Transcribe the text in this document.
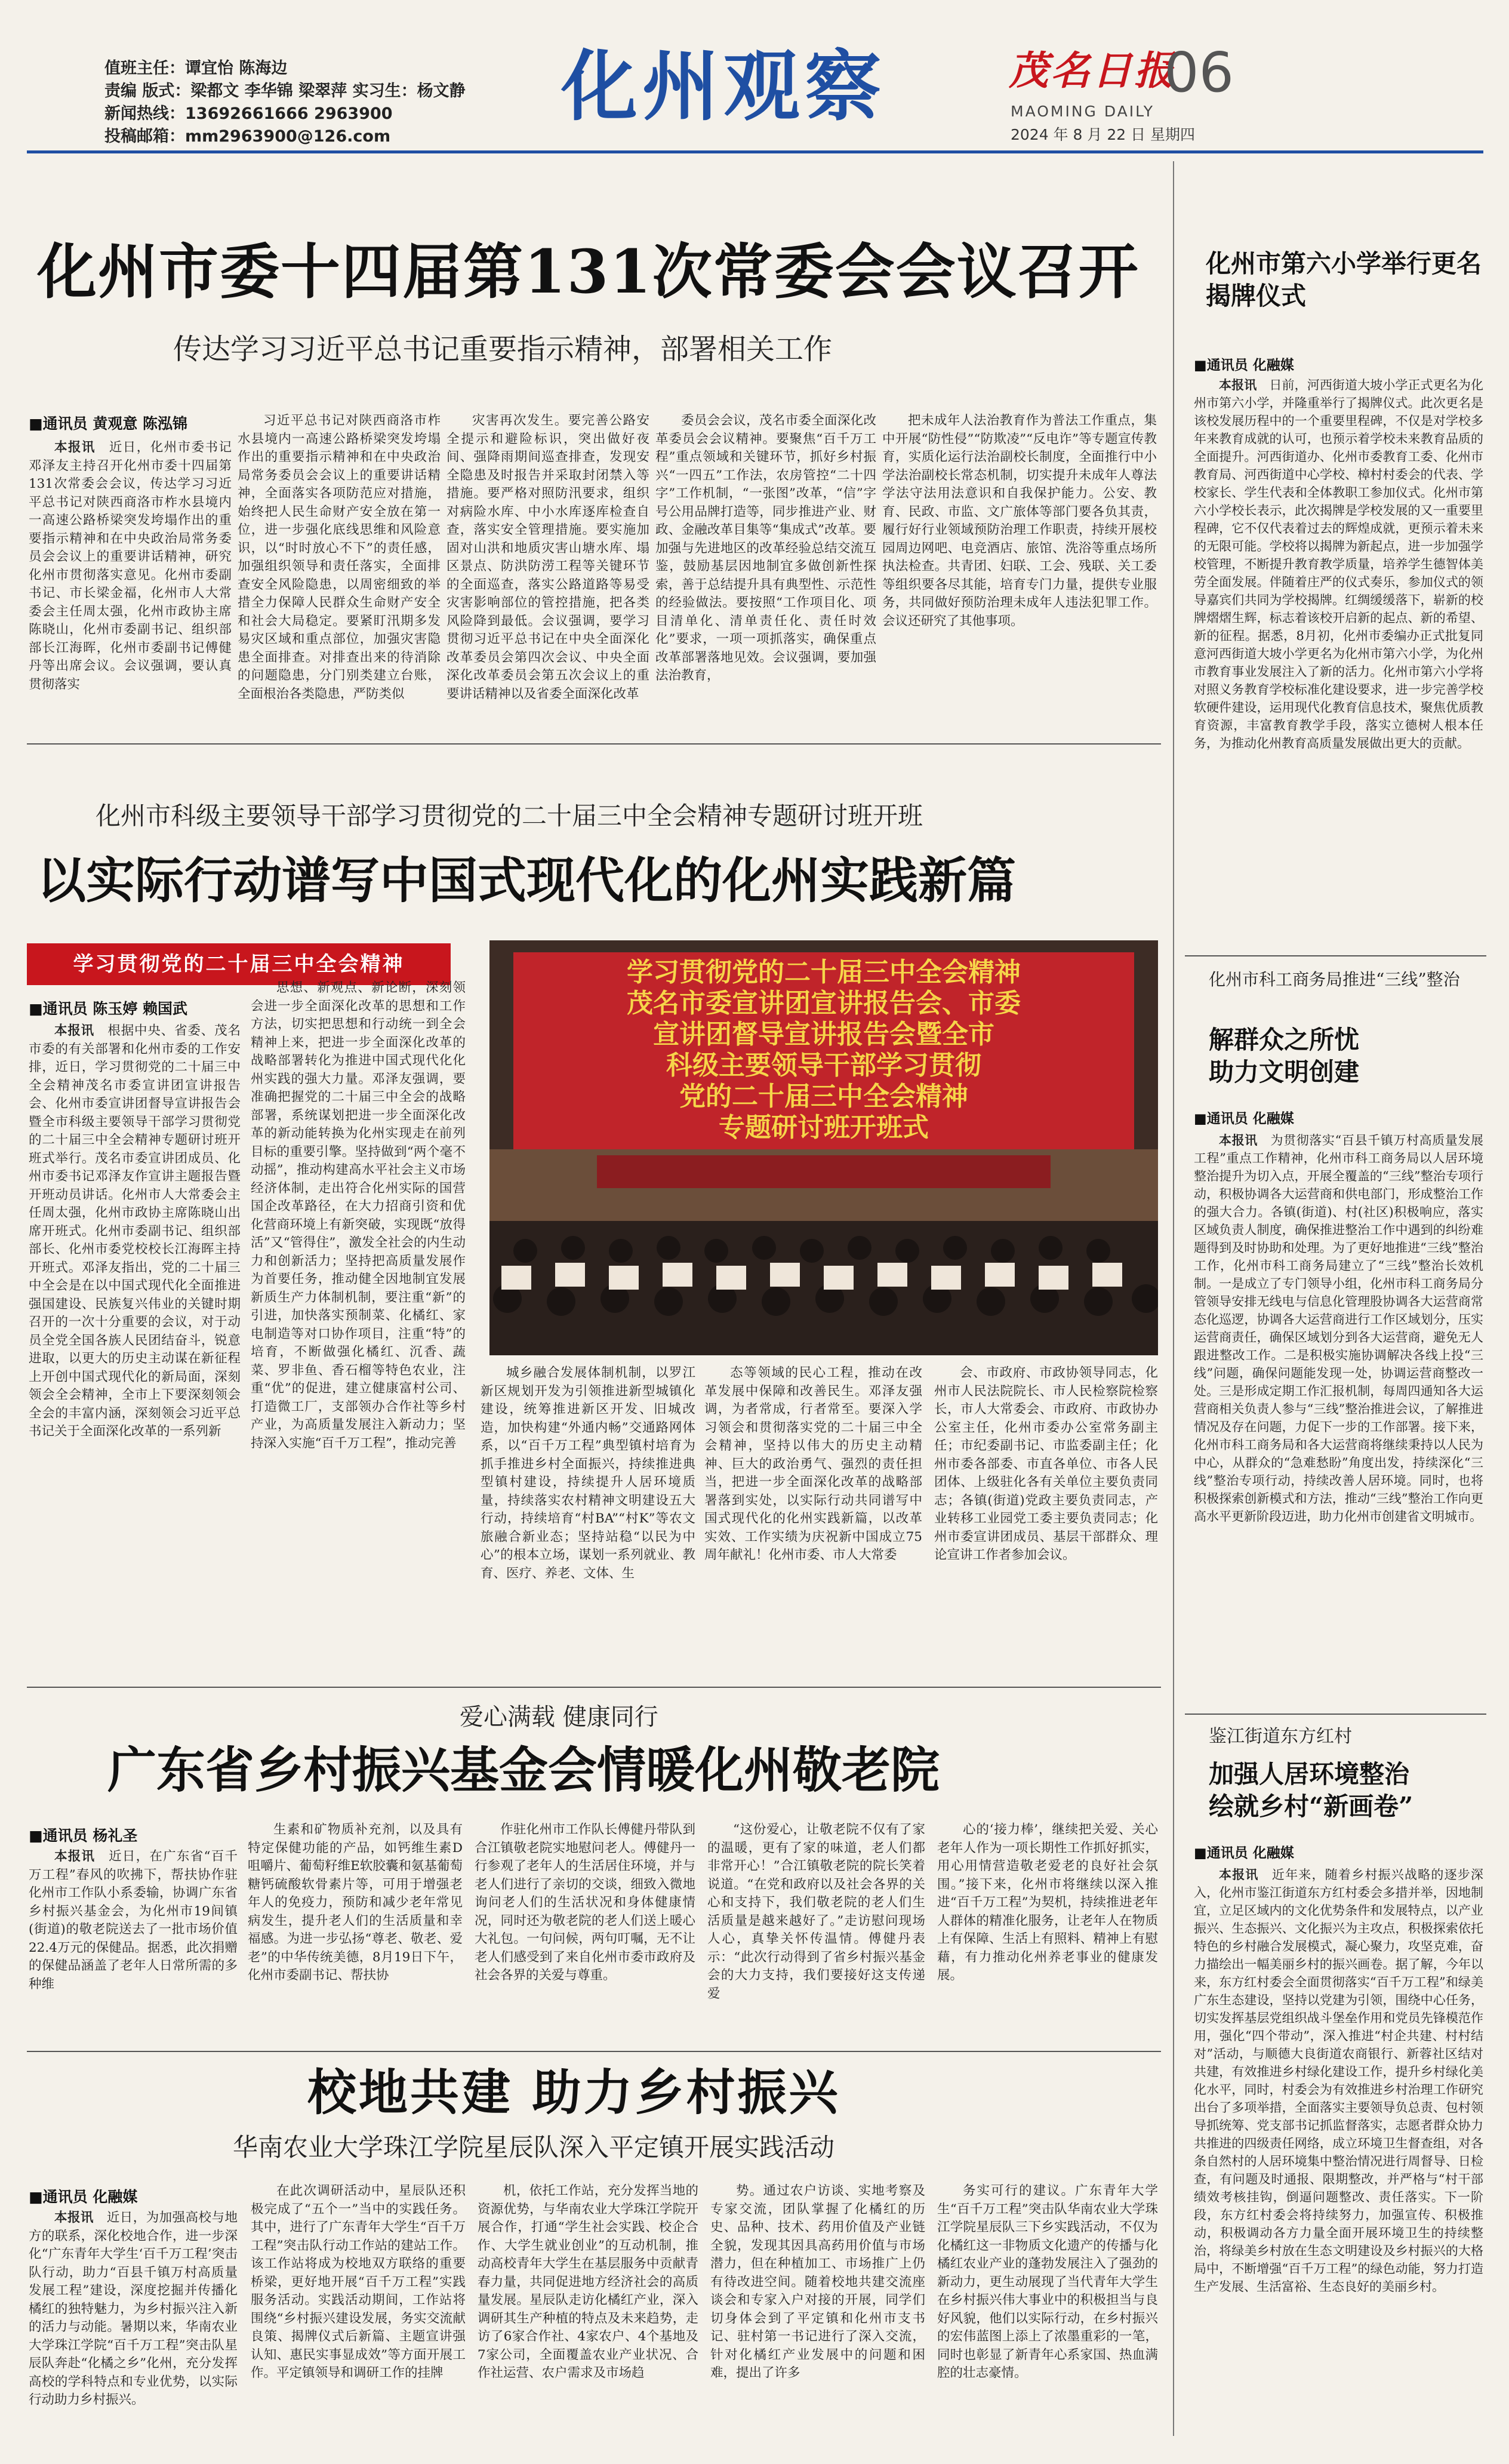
值班主任：谭宜怡 陈海边
责编 版式：梁都文 李华锦 梁翠萍 实习生：杨文静
新闻热线：13692661666 2963900
投稿邮箱：mm2963900@126.com
化州观察	茂名日报
06
MAOMING DAILY
2024 年 8 月 22 日 星期四
化州市委十四届第131次常委会会议召开
传达学习习近平总书记重要指示精神，部署相关工作
■通讯员 黄观意 陈泓锦

本报讯　 近日，化州市委书记邓泽友主持召开化州市委十四届第131次常委会会议，传达学习习近平总书记对陕西商洛市柞水县境内一高速公路桥梁突发垮塌作出的重要指示精神和在中央政治局常务委员会会议上的重要讲话精神，研究化州市贯彻落实意见。化州市委副书记、市长梁金福，化州市人大常委会主任周太强，化州市政协主席陈晓山，化州市委副书记、组织部部长江海晖，化州市委副书记傅健丹等出席会议。会议强调，要认真贯彻落实

习近平总书记对陕西商洛市柞水县境内一高速公路桥梁突发垮塌作出的重要指示精神和在中央政治局常务委员会会议上的重要讲话精神，全面落实各项防范应对措施，始终把人民生命财产安全放在第一位，进一步强化底线思维和风险意识，以“时时放心不下”的责任感，加强组织领导和责任落实，全面排查安全风险隐患，以周密细致的举措全力保障人民群众生命财产安全和社会大局稳定。要紧盯汛期多发易灾区域和重点部位，加强灾害隐患全面排查。对排查出来的待消除的问题隐患，分门别类建立台账，全面根治各类隐患，严防类似

灾害再次发生。要完善公路安全提示和避险标识，突出做好夜间、强降雨期间巡查排查，发现安全隐患及时报告并采取封闭禁入等措施。要严格对照防汛要求，组织对病险水库、中小水库逐库检查自查，落实安全管理措施。要实施加固对山洪和地质灾害山塘水库、塌区景点、防洪防涝工程等关键环节的全面巡查，落实公路道路等易受灾害影响部位的管控措施，把各类风险降到最低。会议强调，要学习贯彻习近平总书记在中央全面深化改革委员会第四次会议、中央全面深化改革委员会第五次会议上的重要讲话精神以及省委全面深化改革

委员会会议，茂名市委全面深化改革委员会会议精神。要聚焦“百千万工程”重点领域和关键环节，抓好乡村振兴“一四五”工作法，农房管控“二十四字”工作机制，“一张图”改革，“信”字号公用品牌打造等，同步推进产业、财政、金融改革目集等“集成式”改革。要加强与先进地区的改革经验总结交流互鉴，鼓励基层因地制宜多做创新性探索，善于总结提升具有典型性、示范性的经验做法。要按照“工作项目化、项目清单化、清单责任化、责任时效化”要求，一项一项抓落实，确保重点改革部署落地见效。会议强调，要加强法治教育，

把未成年人法治教育作为普法工作重点，集中开展“防性侵”“防欺凌”“反电诈”等专题宣传教育，实质化运行法治副校长制度，全面推行中小学法治副校长常态机制，切实提升未成年人尊法学法守法用法意识和自我保护能力。公安、教育、民政、市监、文广旅体等部门要各负其责，履行好行业领域预防治理工作职责，持续开展校园周边网吧、电竞酒店、旅馆、洗浴等重点场所执法检查。共青团、妇联、工会、残联、关工委等组织要各尽其能，培育专门力量，提供专业服务，共同做好预防治理未成年人违法犯罪工作。会议还研究了其他事项。

化州市第六小学举行更名揭牌仪式
■通讯员 化融媒

本报讯　 日前，河西街道大坡小学正式更名为化州市第六小学，并隆重举行了揭牌仪式。此次更名是该校发展历程中的一个重要里程碑，不仅是对学校多年来教育成就的认可，也预示着学校未来教育品质的全面提升。河西街道办、化州市委教育工委、化州市教育局、河西街道中心学校、樟村村委会的代表、学校家长、学生代表和全体教职工参加仪式。化州市第六小学校长表示，此次揭牌是学校发展的又一重要里程碑，它不仅代表着过去的辉煌成就，更预示着未来的无限可能。学校将以揭牌为新起点，进一步加强学校管理，不断提升教育教学质量，培养学生德智体美劳全面发展。伴随着庄严的仪式奏乐，参加仪式的领导嘉宾们共同为学校揭牌。红绸缓缓落下，崭新的校牌熠熠生辉，标志着该校开启新的起点、新的希望、新的征程。据悉，8月初，化州市委编办正式批复同意河西街道大坡小学更名为化州市第六小学，为化州市教育事业发展注入了新的活力。化州市第六小学将对照义务教育学校标准化建设要求，进一步完善学校软硬件建设，运用现代化教育信息技术，聚焦优质教育资源，丰富教育教学手段，落实立德树人根本任务，为推动化州教育高质量发展做出更大的贡献。

化州市科级主要领导干部学习贯彻党的二十届三中全会精神专题研讨班开班
以实际行动谱写中国式现代化的化州实践新篇
学习贯彻党的二十届三中全会精神	学习贯彻党的二十届三中全会精神
茂名市委宣讲团宣讲报告会、市委
宣讲团督导宣讲报告会暨全市
科级主要领导干部学习贯彻
党的二十届三中全会精神
专题研讨班开班式
■通讯员 陈玉婷 赖国武

本报讯　 根据中央、省委、茂名市委的有关部署和化州市委的工作安排，近日，学习贯彻党的二十届三中全会精神茂名市委宣讲团宣讲报告会、化州市委宣讲团督导宣讲报告会暨全市科级主要领导干部学习贯彻党的二十届三中全会精神专题研讨班开班式举行。茂名市委宣讲团成员、化州市委书记邓泽友作宣讲主题报告暨开班动员讲话。化州市人大常委会主任周太强，化州市政协主席陈晓山出席开班式。化州市委副书记、组织部部长、化州市委党校校长江海晖主持开班式。邓泽友指出，党的二十届三中全会是在以中国式现代化全面推进强国建设、民族复兴伟业的关键时期召开的一次十分重要的会议，对于动员全党全国各族人民团结奋斗，锐意进取，以更大的历史主动谋在新征程上开创中国式现代化的新局面，深刻领会全会精神，全市上下要深刻领会全会的丰富内涵，深刻领会习近平总书记关于全面深化改革的一系列新

思想、新观点、新论断，深刻领会进一步全面深化改革的思想和工作方法，切实把思想和行动统一到全会精神上来，把进一步全面深化改革的战略部署转化为推进中国式现代化化州实践的强大力量。邓泽友强调，要准确把握党的二十届三中全会的战略部署，系统谋划把进一步全面深化改革的新动能转换为化州实现走在前列目标的重要引擎。坚持做到“两个毫不动摇”，推动构建高水平社会主义市场经济体制，走出符合化州实际的国营国企改革路径，在大力招商引资和优化营商环境上有新突破，实现既“放得活”又“管得住”，激发全社会的内生动力和创新活力；坚持把高质量发展作为首要任务，推动健全因地制宜发展新质生产力体制机制，要注重“新”的引进，加快落实预制菜、化橘红、家电制造等对口协作项目，注重“特”的培育，不断做强化橘红、沉香、蔬菜、罗非鱼、香石榴等特色农业，注重“优”的促进，建立健康富村公司、打造微工厂，支部领办合作社等乡村产业，为高质量发展注入新动力；坚持深入实施“百千万工程”，推动完善

城乡融合发展体制机制，以罗江新区规划开发为引领推进新型城镇化建设，统筹推进新区开发、旧城改造，加快构建“外通内畅”交通路网体系，以“百千万工程”典型镇村培育为抓手推进乡村全面振兴，持续推进典型镇村建设，持续提升人居环境质量，持续落实农村精神文明建设五大行动，持续培育“村BA”“村K”等农文旅融合新业态；坚持站稳“以民为中心”的根本立场，谋划一系列就业、教育、医疗、养老、文体、生

态等领域的民心工程，推动在改革发展中保障和改善民生。邓泽友强调，为者常成，行者常至。要深入学习领会和贯彻落实党的二十届三中全会精神，坚持以伟大的历史主动精神、巨大的政治勇气、强烈的责任担当，把进一步全面深化改革的战略部署落到实处，以实际行动共同谱写中国式现代化的化州实践新篇，以改革实效、工作实绩为庆祝新中国成立75周年献礼！化州市委、市人大常委

会、市政府、市政协领导同志，化州市人民法院院长、市人民检察院检察长，市人大常委会、市政府、市政协办公室主任，化州市委办公室常务副主任；市纪委副书记、市监委副主任；化州市委各部委、市直各单位、市各人民团体、上级驻化各有关单位主要负责同志；各镇(街道)党政主要负责同志，产业转移工业园党工委主要负责同志；化州市委宣讲团成员、基层干部群众、理论宣讲工作者参加会议。

化州市科工商务局推进“三线”整治
解群众之所忧
助力文明创建
■通讯员 化融媒

本报讯　 为贯彻落实“百县千镇万村高质量发展工程”重点工作精神，化州市科工商务局以人居环境整治提升为切入点，开展全覆盖的“三线”整治专项行动，积极协调各大运营商和供电部门，形成整治工作的强大合力。各镇(街道)、村(社区)积极响应，落实区域负责人制度，确保推进整治工作中遇到的纠纷难题得到及时协助和处理。为了更好地推进“三线”整治工作，化州市科工商务局建立了“三线”整治长效机制。一是成立了专门领导小组，化州市科工商务局分管领导安排无线电与信息化管理股协调各大运营商常态化巡逻，协调各大运营商进行工作区域划分，压实运营商责任，确保区域划分到各大运营商，避免无人跟进整改工作。二是积极实施协调解决各线上投“三线”问题，确保问题能发现一处，协调运营商整改一处。三是形成定期工作汇报机制，每周四通知各大运营商相关负责人参与“三线”整治推进会议，了解推进情况及存在问题，力促下一步的工作部署。接下来，化州市科工商务局和各大运营商将继续秉持以人民为中心，从群众的“急难愁盼”角度出发，持续深化“三线”整治专项行动，持续改善人居环境。同时，也将积极探索创新模式和方法，推动“三线”整治工作向更高水平更新阶段迈进，助力化州市创建省文明城市。

爱心满载 健康同行
广东省乡村振兴基金会情暖化州敬老院
■通讯员 杨礼圣

本报讯　 近日，在广东省“百千万工程”春风的吹拂下，帮扶协作驻化州市工作队小系委输，协调广东省乡村振兴基金会，为化州市19间镇(街道)的敬老院送去了一批市场价值22.4万元的保健品。据悉，此次捐赠的保健品涵盖了老年人日常所需的多种维

生素和矿物质补充剂，以及具有特定保健功能的产品，如钙维生素D咀嚼片、葡萄籽维E软胶囊和氨基葡萄糖钙硫酸软骨素片等，可用于增强老年人的免疫力，预防和减少老年常见病发生，提升老人们的生活质量和幸福感。为进一步弘扬“尊老、敬老、爱老”的中华传统美德，8月19日下午，化州市委副书记、帮扶协

作驻化州市工作队长傅健丹带队到合江镇敬老院实地慰问老人。傅健丹一行参观了老年人的生活居住环境，并与老人们进行了亲切的交谈，细致入微地询问老人们的生活状况和身体健康情况，同时还为敬老院的老人们送上暖心大礼包。一句问候，两句叮嘱，无不让老人们感受到了来自化州市委市政府及社会各界的关爱与尊重。

“这份爱心，让敬老院不仅有了家的温暖，更有了家的味道，老人们都非常开心！”合江镇敬老院的院长笑着说道。“在党和政府以及社会各界的关心和支持下，我们敬老院的老人们生活质量是越来越好了。”走访慰问现场人心，真挚关怀传温情。傅健丹表示：“此次行动得到了省乡村振兴基金会的大力支持，我们要接好这支传递爱

心的‘接力棒’，继续把关爱、关心老年人作为一项长期性工作抓好抓实，用心用情营造敬老爱老的良好社会氛围。”接下来，化州市将继续以深入推进“百千万工程”为契机，持续推进老年人群体的精准化服务，让老年人在物质上有保障、生活上有照料、精神上有慰藉，有力推动化州养老事业的健康发展。

鉴江街道东方红村
加强人居环境整治
绘就乡村“新画卷”
■通讯员 化融媒

本报讯　 近年来，随着乡村振兴战略的逐步深入，化州市鉴江街道东方红村委会多措并举，因地制宜，立足区域内的文化优势条件和发展特点，以产业振兴、生态振兴、文化振兴为主攻点，积极探索依托特色的乡村融合发展模式，凝心聚力，攻坚克难，奋力描绘出一幅美丽乡村的振兴画卷。据了解，今年以来，东方红村委会全面贯彻落实“百千万工程”和绿美广东生态建设，坚持以党建为引领，围绕中心任务，切实发挥基层党组织战斗堡垒作用和党员先锋模范作用，强化“四个带动”，深入推进“村企共建、村村结对”活动，与顺德大良街道农商银行、新蓉社区结对共建，有效推进乡村绿化建设工作，提升乡村绿化美化水平，同时，村委会为有效推进乡村治理工作研究出台了多项举措，全面落实主要领导负总责、包村领导抓统筹、党支部书记抓监督落实，志愿者群众协力共推进的四级责任网络，成立环境卫生督查组，对各条自然村的人居环境集中整治情况进行周督导、日检查，有问题及时通报、限期整改，并严格与“村干部绩效考核挂钩，倒逼问题整改、责任落实。下一阶段，东方红村委会将持续努力，加强宣传、积极推动，积极调动各方力量全面开展环境卫生的持续整治，将绿美乡村放在生态文明建设及乡村振兴的大格局中，不断增强“百千万工程”的绿色动能，努力打造生产发展、生活富裕、生态良好的美丽乡村。

校地共建 助力乡村振兴
华南农业大学珠江学院星辰队深入平定镇开展实践活动
■通讯员 化融媒

本报讯　 近日，为加强高校与地方的联系，深化校地合作，进一步深化“广东青年大学生‘百千万工程’突击队行动，助力“百县千镇万村高质量发展工程”建设，深度挖掘并传播化橘红的独特魅力，为乡村振兴注入新的活力与动能。暑期以来，华南农业大学珠江学院“百千万工程”突击队星辰队奔赴“化橘之乡”化州，充分发挥高校的学科特点和专业优势，以实际行动助力乡村振兴。

在此次调研活动中，星辰队还积极完成了“五个一”当中的实践任务。其中，进行了广东青年大学生“百千万工程”突击队行动工作站的建站工作。该工作站将成为校地双方联络的重要桥梁，更好地开展“百千万工程”实践服务活动。实践活动期间，工作站将围绕“乡村振兴建设发展，务实交流献良策、揭牌仪式后新篇、主题宣讲强认知、惠民实事显成效”等方面开展工作。平定镇领导和调研工作的挂牌

机，依托工作站，充分发挥当地的资源优势，与华南农业大学珠江学院开展合作，打通“学生社会实践、校企合作、大学生就业创业”的互动机制，推动高校青年大学生在基层服务中贡献青春力量，共同促进地方经济社会的高质量发展。星辰队走访化橘红产业，深入调研其生产种植的特点及未来趋势，走访了6家合作社、4家农户、4个基地及7家公司，全面覆盖农业产业状况、合作社运营、农户需求及市场趋

势。通过农户访谈、实地考察及专家交流，团队掌握了化橘红的历史、品种、技术、药用价值及产业链全貌，发现其因具高药用价值与市场潜力，但在种植加工、市场推广上仍有待改进空间。随着校地共建交流座谈会和专家入户对接的开展，同学们切身体会到了平定镇和化州市支书记、驻村第一书记进行了深入交流，针对化橘红产业发展中的问题和困难，提出了许多

务实可行的建议。广东青年大学生“百千万工程”突击队华南农业大学珠江学院星辰队三下乡实践活动，不仅为化橘红这一非物质文化遗产的传播与化橘红农业产业的蓬勃发展注入了强劲的新动力，更生动展现了当代青年大学生在乡村振兴伟大事业中的积极担当与良好风貌，他们以实际行动，在乡村振兴的宏伟蓝图上添上了浓墨重彩的一笔，同时也彰显了新青年心系家国、热血满腔的壮志豪情。
